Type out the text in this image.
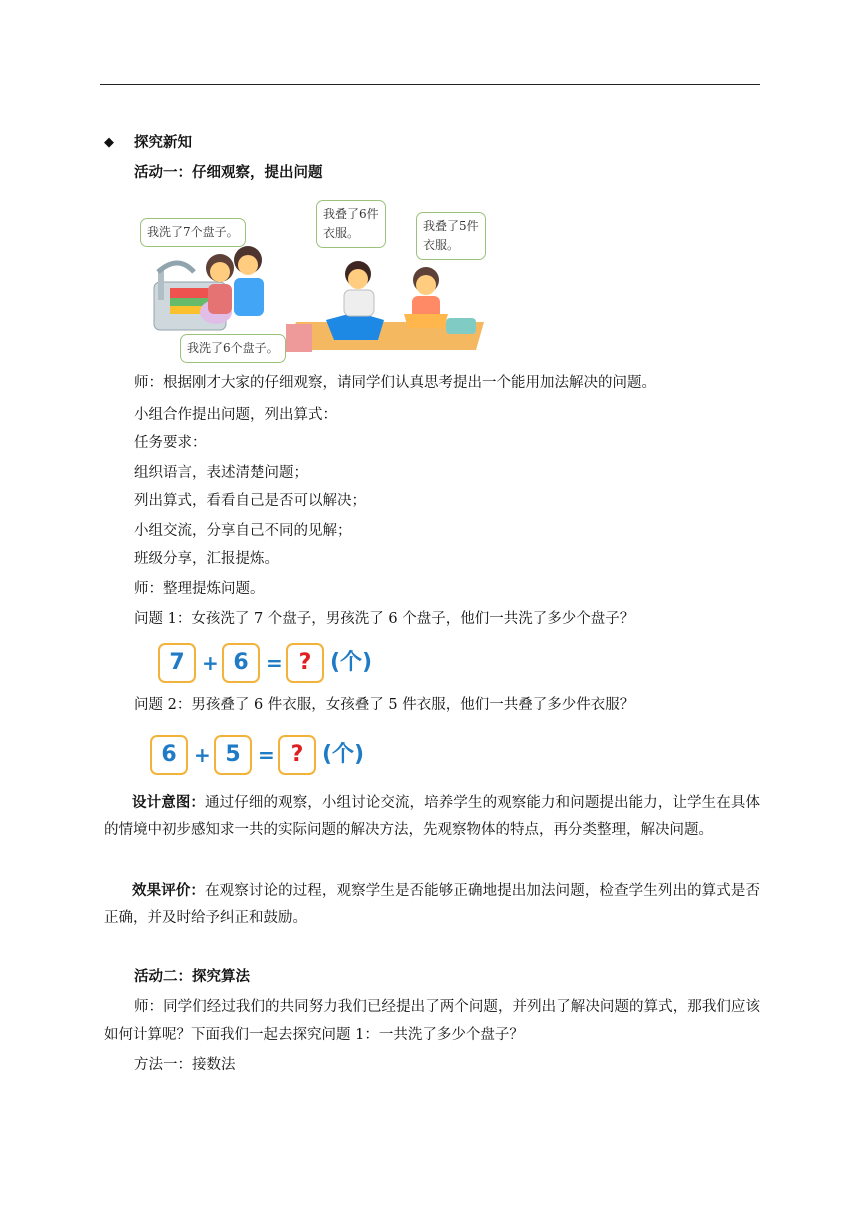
◆ 探究新知
活动一：仔细观察，提出问题
我洗了7个盘子。
我洗了6个盘子。
我叠了6件
衣服。	我叠了5件
衣服。
师：根据刚才大家的仔细观察，请同学们认真思考提出一个能用加法解决的问题。
小组合作提出问题，列出算式：
任务要求：
组织语言，表述清楚问题；
列出算式，看看自己是否可以解决；
小组交流，分享自己不同的见解；
班级分享，汇报提炼。
师：整理提炼问题。
问题 1：女孩洗了 7 个盘子，男孩洗了 6 个盘子，他们一共洗了多少个盘子？
7 + 6 = ? (个)
问题 2：男孩叠了 6 件衣服，女孩叠了 5 件衣服，他们一共叠了多少件衣服？
6 + 5 = ? (个)
设计意图：通过仔细的观察，小组讨论交流，培养学生的观察能力和问题提出能力，让学生在具体的情境中初步感知求一共的实际问题的解决方法，先观察物体的特点，再分类整理，解决问题。
效果评价：在观察讨论的过程，观察学生是否能够正确地提出加法问题，检查学生列出的算式是否正确，并及时给予纠正和鼓励。
活动二：探究算法
师：同学们经过我们的共同努力我们已经提出了两个问题，并列出了解决问题的算式，那我们应该如何计算呢？下面我们一起去探究问题 1：一共洗了多少个盘子？
方法一：接数法
